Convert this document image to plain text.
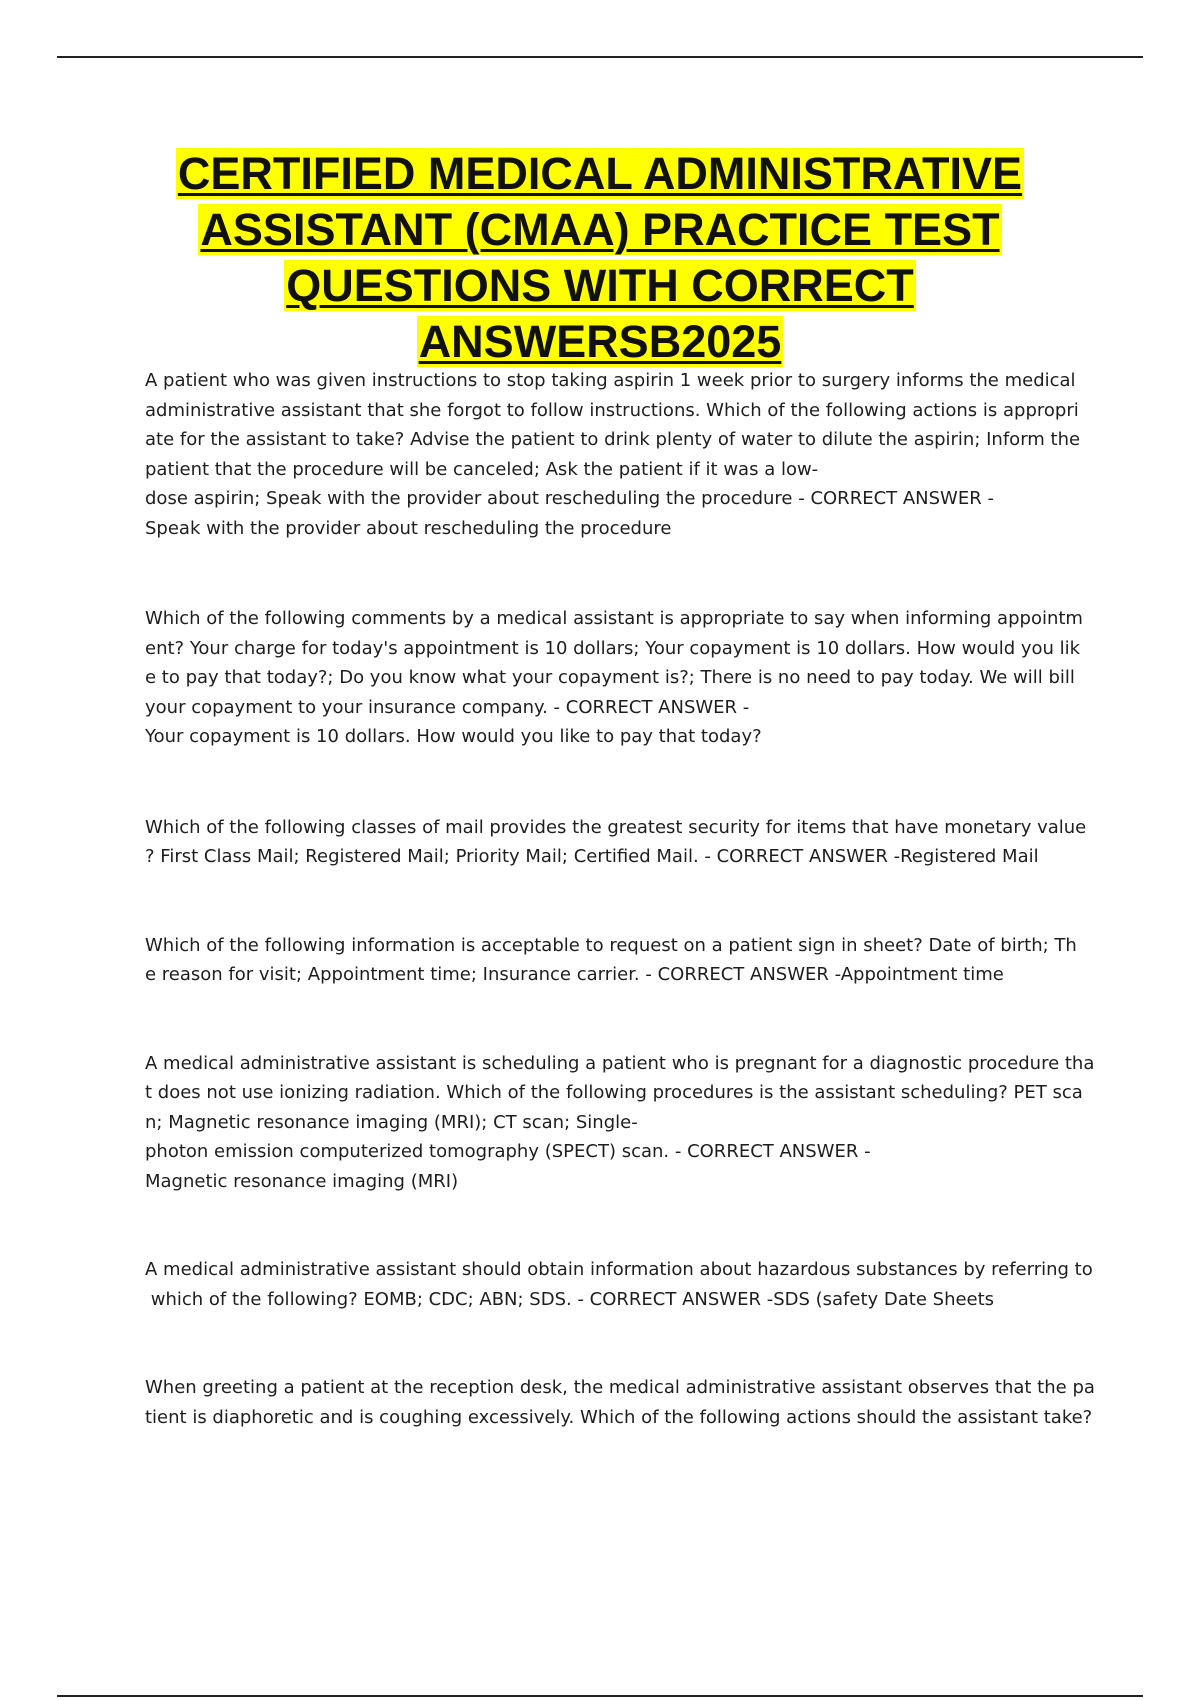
CERTIFIED MEDICAL ADMINISTRATIVE
ASSISTANT (CMAA) PRACTICE TEST
QUESTIONS WITH CORRECT
ANSWERSB2025
A patient who was given instructions to stop taking aspirin 1 week prior to surgery informs the medical
administrative assistant that she forgot to follow instructions. Which of the following actions is appropri
ate for the assistant to take? Advise the patient to drink plenty of water to dilute the aspirin; Inform the
patient that the procedure will be canceled; Ask the patient if it was a low-
dose aspirin; Speak with the provider about rescheduling the procedure - CORRECT ANSWER -
Speak with the provider about rescheduling the procedure
Which of the following comments by a medical assistant is appropriate to say when informing appointm
ent? Your charge for today's appointment is 10 dollars; Your copayment is 10 dollars. How would you lik
e to pay that today?; Do you know what your copayment is?; There is no need to pay today. We will bill
your copayment to your insurance company. - CORRECT ANSWER -
Your copayment is 10 dollars. How would you like to pay that today?
Which of the following classes of mail provides the greatest security for items that have monetary value
? First Class Mail; Registered Mail; Priority Mail; Certified Mail. - CORRECT ANSWER -Registered Mail
Which of the following information is acceptable to request on a patient sign in sheet? Date of birth; Th
e reason for visit; Appointment time; Insurance carrier. - CORRECT ANSWER -Appointment time
A medical administrative assistant is scheduling a patient who is pregnant for a diagnostic procedure tha
t does not use ionizing radiation. Which of the following procedures is the assistant scheduling? PET sca
n; Magnetic resonance imaging (MRI); CT scan; Single-
photon emission computerized tomography (SPECT) scan. - CORRECT ANSWER -
Magnetic resonance imaging (MRI)
A medical administrative assistant should obtain information about hazardous substances by referring to
which of the following? EOMB; CDC; ABN; SDS. - CORRECT ANSWER -SDS (safety Date Sheets
When greeting a patient at the reception desk, the medical administrative assistant observes that the pa
tient is diaphoretic and is coughing excessively. Which of the following actions should the assistant take?
